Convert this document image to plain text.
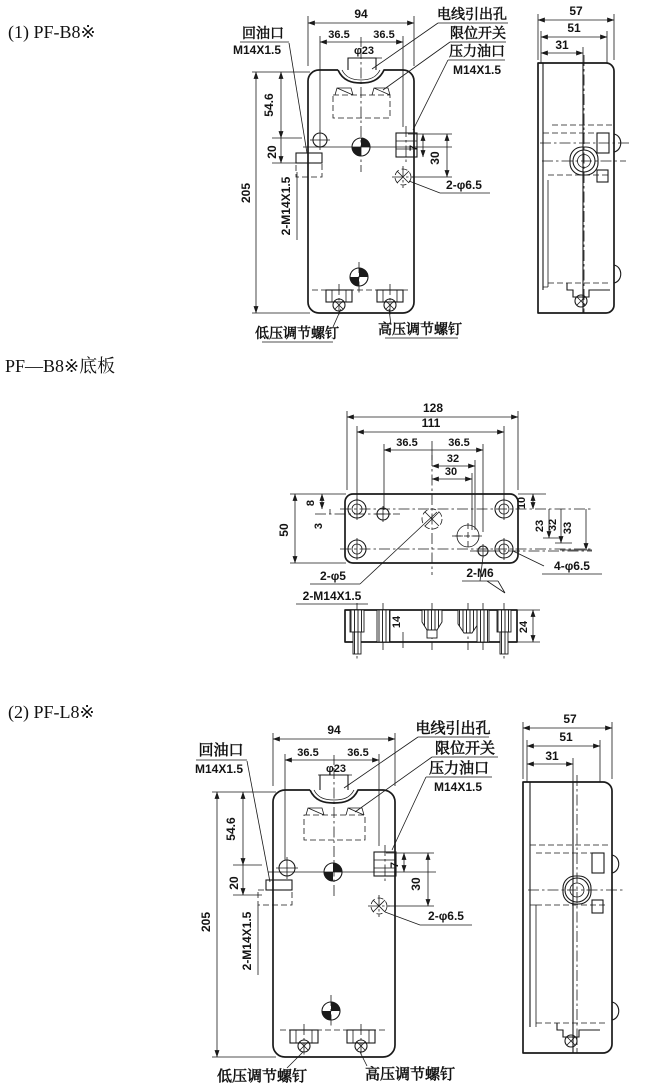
(1) PF-B8※
94
36.5 36.5
φ23
205
54.6
20
2-M14X1.5
7
30
2-φ6.5
回油口
M14X1.5
电线引出孔
限位开关
压力油口
M14X1.5
低压调节螺钉	高压调节螺钉
57
51
31
PF—B8※底板
128
111
36.5	36.5
32
30
50
8
3
10
23 32 33
2-φ5
2-M14X1.5
2-M6	4-φ6.5
14	24
(2) PF-L8※
94
36.5	36.5
φ23
205
54.6
20
2-M14X1.5
7
30
2-φ6.5
回油口
M14X1.5
电线引出孔
限位开关
压力油口
M14X1.5
低压调节螺钉	高压调节螺钉
57
51
31
